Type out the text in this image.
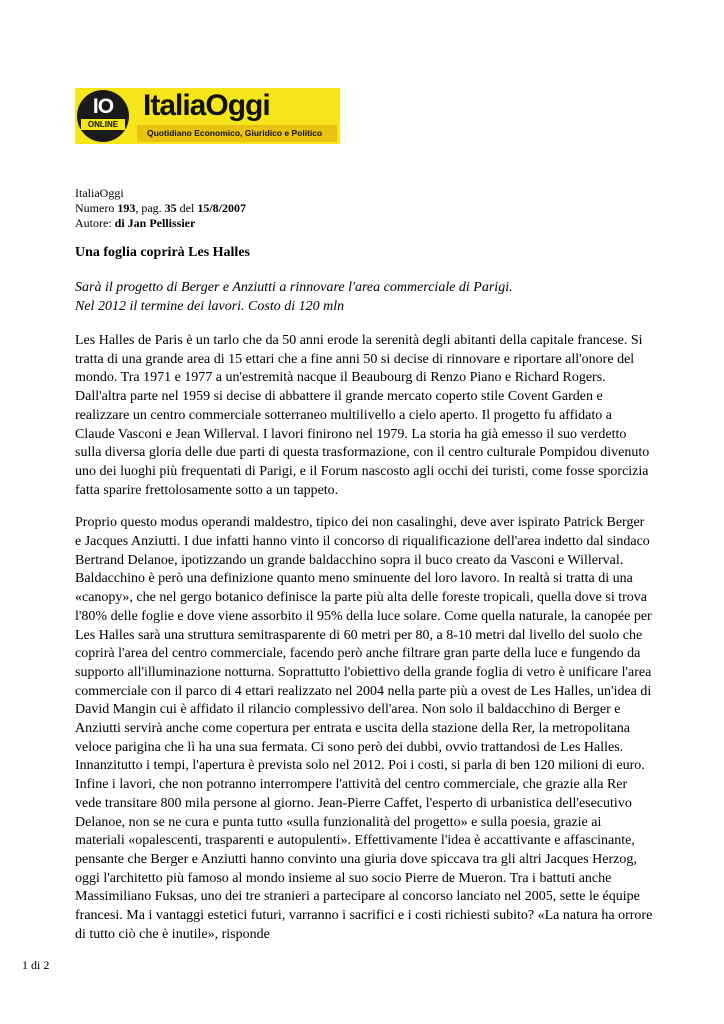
IO
ONLINE
ItaliaOggi
Quotidiano Economico, Giuridico e Politico
ItaliaOggi
Numero 193, pag. 35 del 15/8/2007
Autore: di Jan Pellissier
Una foglia coprirà Les Halles
Sarà il progetto di Berger e Anziutti a rinnovare l'area commerciale di Parigi.
Nel 2012 il termine dei lavori. Costo di 120 mln

Les Halles de Paris è un tarlo che da 50 anni erode la serenità degli abitanti della capitale francese. Si tratta di una grande area di 15 ettari che a fine anni 50 si decise di rinnovare e riportare all'onore del mondo. Tra 1971 e 1977 a un'estremità nacque il Beaubourg di Renzo Piano e Richard Rogers. Dall'altra parte nel 1959 si decise di abbattere il grande mercato coperto stile Covent Garden e realizzare un centro commerciale sotterraneo multilivello a cielo aperto. Il progetto fu affidato a Claude Vasconi e Jean Willerval. I lavori finirono nel 1979. La storia ha già emesso il suo verdetto sulla diversa gloria delle due parti di questa trasformazione, con il centro culturale Pompidou divenuto uno dei luoghi più frequentati di Parigi, e il Forum nascosto agli occhi dei turisti, come fosse sporcizia fatta sparire frettolosamente sotto a un tappeto.

Proprio questo modus operandi maldestro, tipico dei non casalinghi, deve aver ispirato Patrick Berger e Jacques Anziutti. I due infatti hanno vinto il concorso di riqualificazione dell'area indetto dal sindaco Bertrand Delanoe, ipotizzando un grande baldacchino sopra il buco creato da Vasconi e Willerval. Baldacchino è però una definizione quanto meno sminuente del loro lavoro. In realtà si tratta di una «canopy», che nel gergo botanico definisce la parte più alta delle foreste tropicali, quella dove si trova l'80% delle foglie e dove viene assorbito il 95% della luce solare. Come quella naturale, la canopée per Les Halles sarà una struttura semitrasparente di 60 metri per 80, a 8-10 metri dal livello del suolo che coprirà l'area del centro commerciale, facendo però anche filtrare gran parte della luce e fungendo da supporto all'illuminazione notturna. Soprattutto l'obiettivo della grande foglia di vetro è unificare l'area commerciale con il parco di 4 ettari realizzato nel 2004 nella parte più a ovest de Les Halles, un'idea di David Mangin cui è affidato il rilancio complessivo dell'area. Non solo il baldacchino di Berger e Anziutti servirà anche come copertura per entrata e uscita della stazione della Rer, la metropolitana veloce parigina che lì ha una sua fermata. Ci sono però dei dubbi, ovvio trattandosi de Les Halles. Innanzitutto i tempi, l'apertura è prevista solo nel 2012. Poi i costi, si parla di ben 120 milioni di euro. Infine i lavori, che non potranno interrompere l'attività del centro commerciale, che grazie alla Rer vede transitare 800 mila persone al giorno. Jean-Pierre Caffet, l'esperto di urbanistica dell'esecutivo Delanoe, non se ne cura e punta tutto «sulla funzionalità del progetto» e sulla poesia, grazie ai materiali «opalescenti, trasparenti e autopulenti». Effettivamente l'idea è accattivante e affascinante, pensante che Berger e Anziutti hanno convinto una giuria dove spiccava tra gli altri Jacques Herzog, oggi l'architetto più famoso al mondo insieme al suo socio Pierre de Mueron. Tra i battuti anche Massimiliano Fuksas, uno dei tre stranieri a partecipare al concorso lanciato nel 2005, sette le équipe francesi. Ma i vantaggi estetici futuri, varranno i sacrifici e i costi richiesti subito? «La natura ha orrore di tutto ciò che è inutile», risponde

1 di 2
